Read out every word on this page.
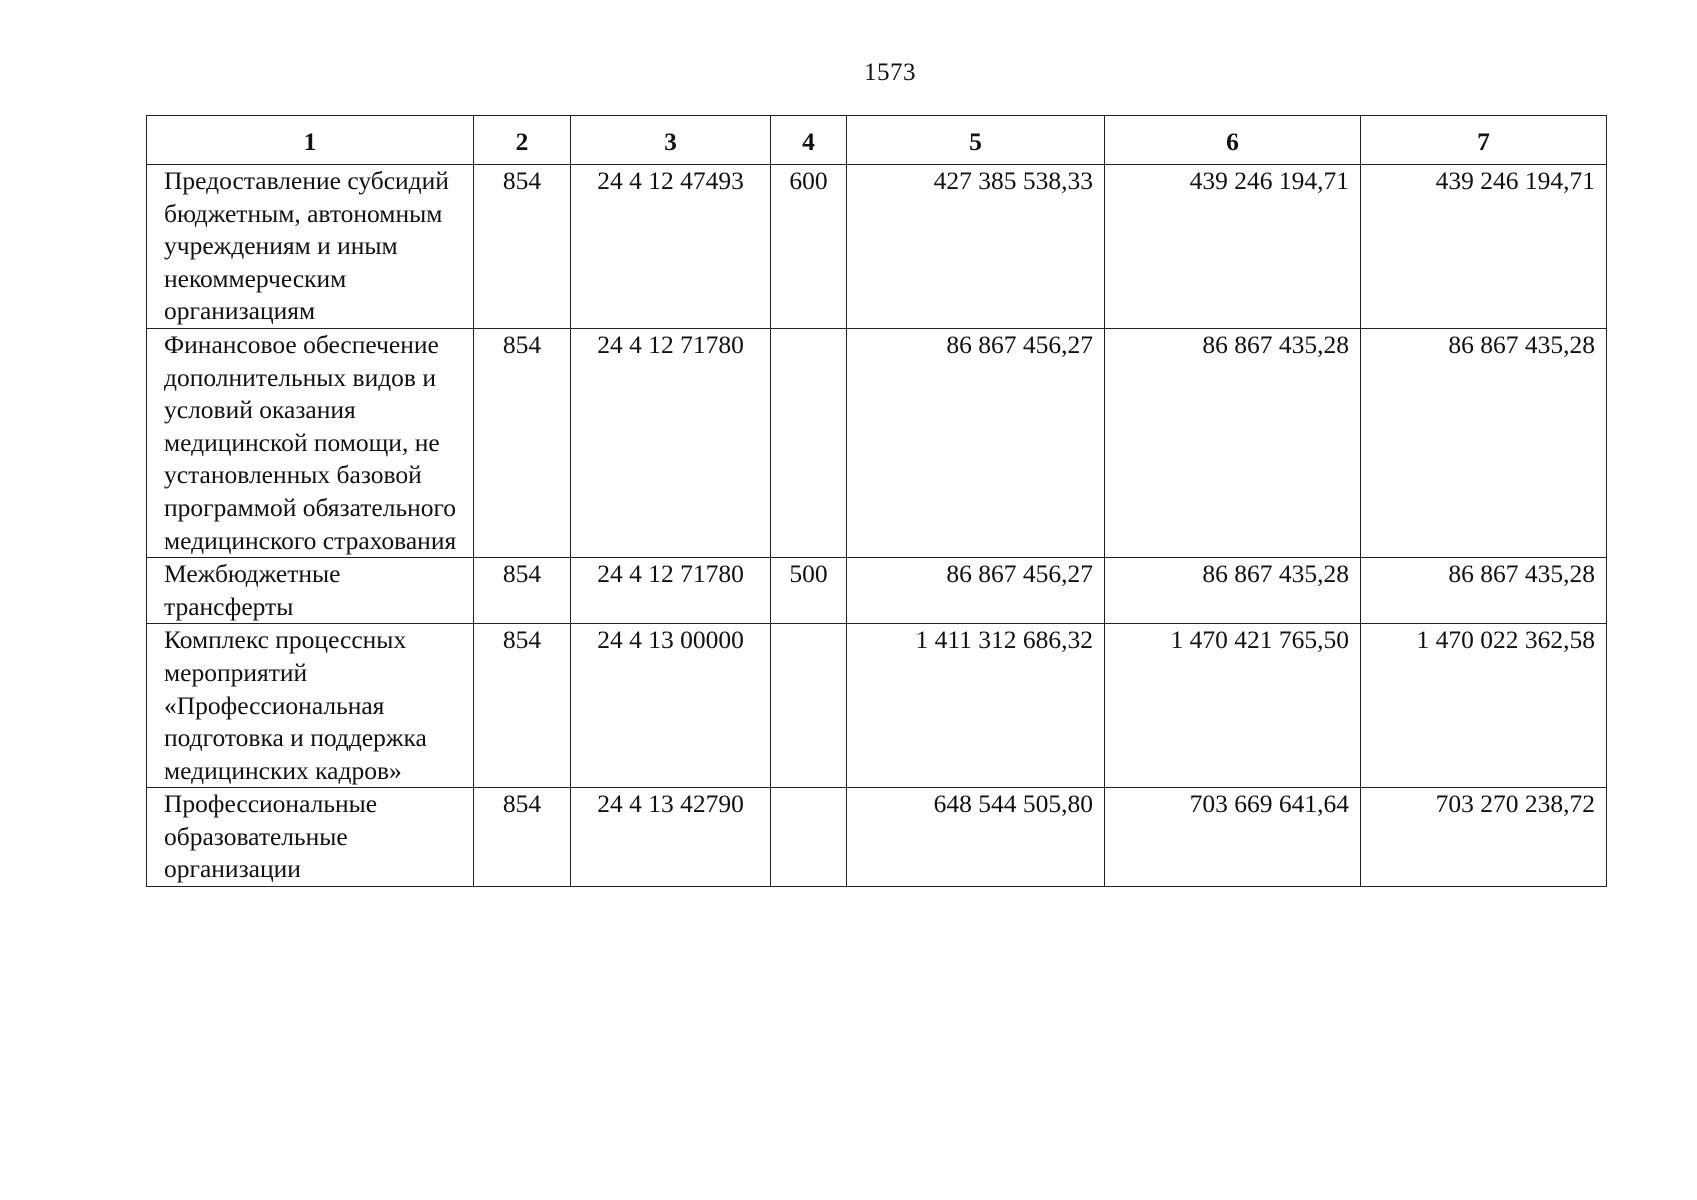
1573
1	2	3	4	5	6	7
Предоставление субсидий бюджетным, автономным учреждениям и иным некоммерческим организациям	854	24 4 12 47493	600	427 385 538,33	439 246 194,71	439 246 194,71
Финансовое обеспечение дополнительных видов и условий оказания медицинской помощи, не установленных базовой программой обязательного медицинского страхования	854	24 4 12 71780		86 867 456,27	86 867 435,28	86 867 435,28
Межбюджетные трансферты	854	24 4 12 71780	500	86 867 456,27	86 867 435,28	86 867 435,28
Комплекс процессных мероприятий «Профессиональная подготовка и поддержка медицинских кадров»	854	24 4 13 00000		1 411 312 686,32	1 470 421 765,50	1 470 022 362,58
Профессиональные образовательные организации	854	24 4 13 42790		648 544 505,80	703 669 641,64	703 270 238,72
